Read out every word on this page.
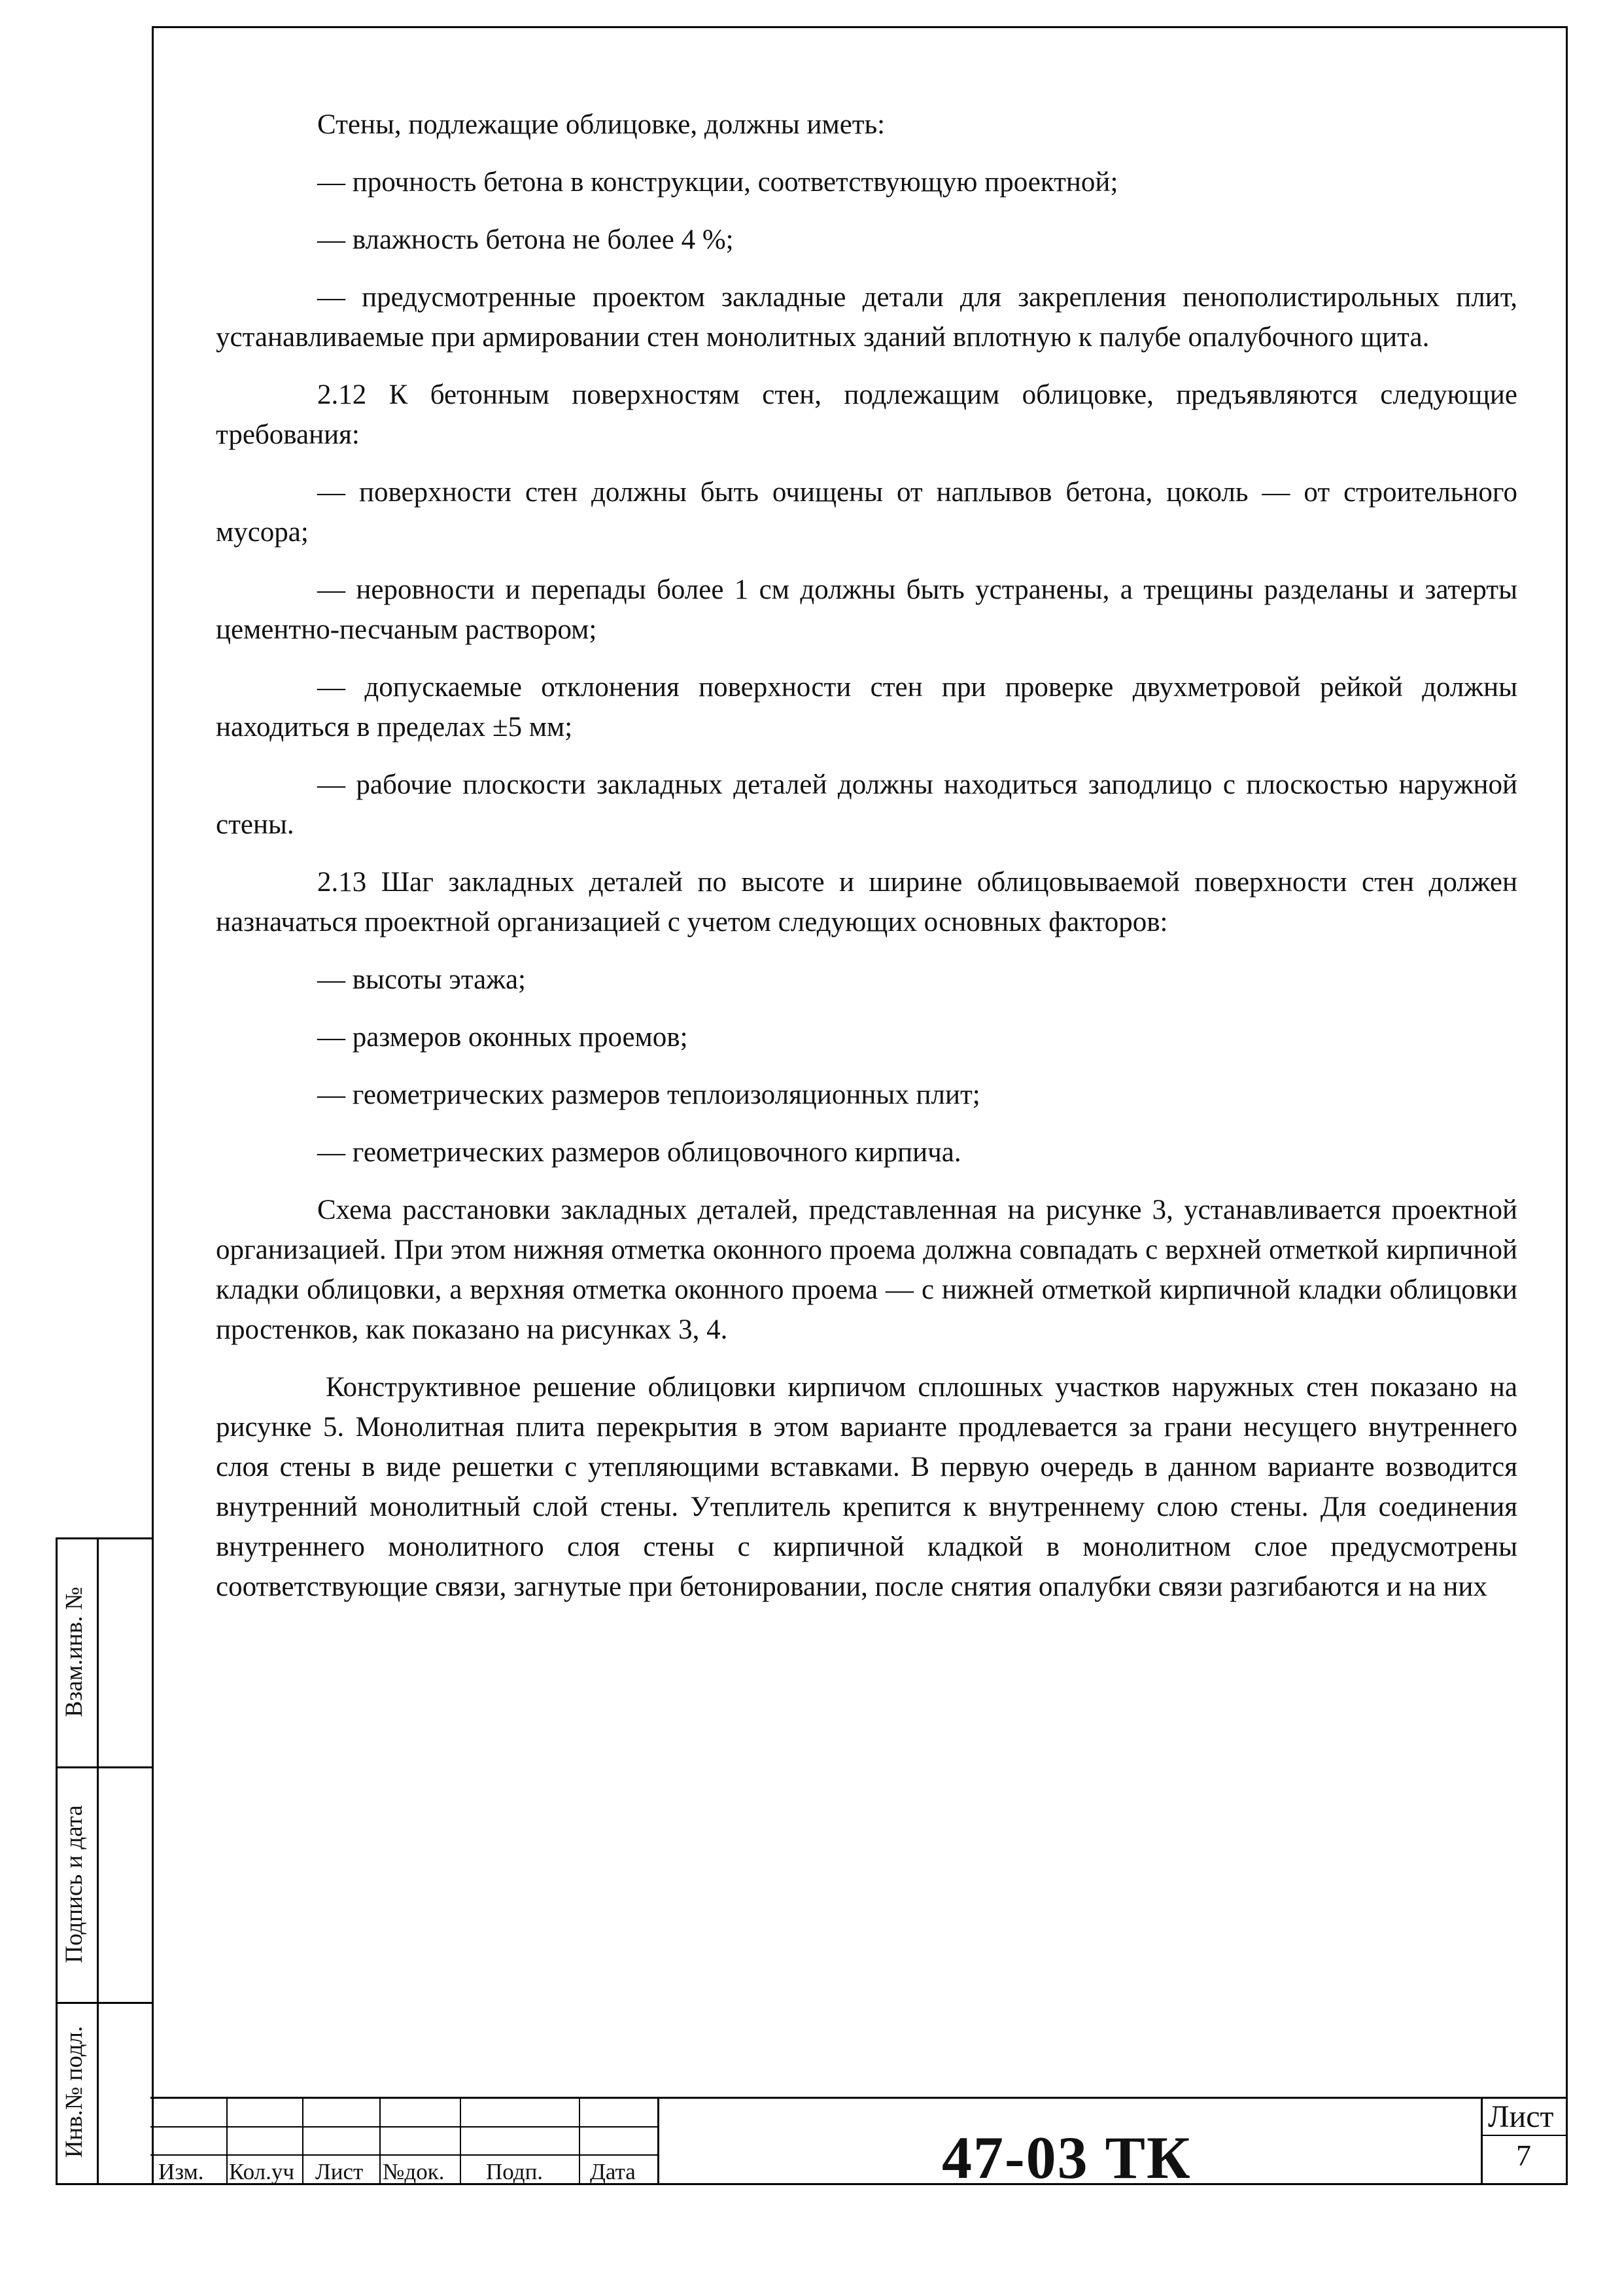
Стены, подлежащие облицовке, должны иметь:

— прочность бетона в конструкции, соответствующую проектной;

— влажность бетона не более 4 %;

— предусмотренные проектом закладные детали для закрепления пенополистирольных плит, устанавливаемые при армировании стен монолитных зданий вплотную к палубе опалубочного щита.

2.12 К бетонным поверхностям стен, подлежащим облицовке, предъявляются следующие требования:

— поверхности стен должны быть очищены от наплывов бетона, цоколь — от строительного мусора;

— неровности и перепады более 1 см должны быть устранены, а трещины разделаны и затерты цементно-песчаным раствором;

— допускаемые отклонения поверхности стен при проверке двухметровой рейкой должны находиться в пределах ±5 мм;

— рабочие плоскости закладных деталей должны находиться заподлицо с плоскостью наружной стены.

2.13 Шаг закладных деталей по высоте и ширине облицовываемой поверхности стен должен назначаться проектной организацией с учетом следующих основных факторов:

— высоты этажа;

— размеров оконных проемов;

— геометрических размеров теплоизоляционных плит;

— геометрических размеров облицовочного кирпича.

Схема расстановки закладных деталей, представленная на рисунке 3, устанавливается проектной организацией. При этом нижняя отметка оконного проема должна совпадать с верхней отметкой кирпичной кладки облицовки, а верхняя отметка оконного проема — с нижней отметкой кирпичной кладки облицовки простенков, как показано на рисунках 3, 4.

Конструктивное решение облицовки кирпичом сплошных участков наружных стен показано на рисунке 5. Монолитная плита перекрытия в этом варианте продлевается за грани несущего внутреннего слоя стены в виде решетки с утепляющими вставками. В первую очередь в данном варианте возводится внутренний монолитный слой стены. Утеплитель крепится к внутреннему слою стены. Для соединения внутреннего монолитного слоя стены с кирпичной кладкой в монолитном слое предусмотрены соответствующие связи, загнутые при бетонировании, после снятия опалубки связи разгибаются и на них

Взам.инв. №
Подпись и дата
Инв.№ подл.
Изм. Кол.уч Лист №док. Подп. Дата	47-03 ТК
Лист
7
